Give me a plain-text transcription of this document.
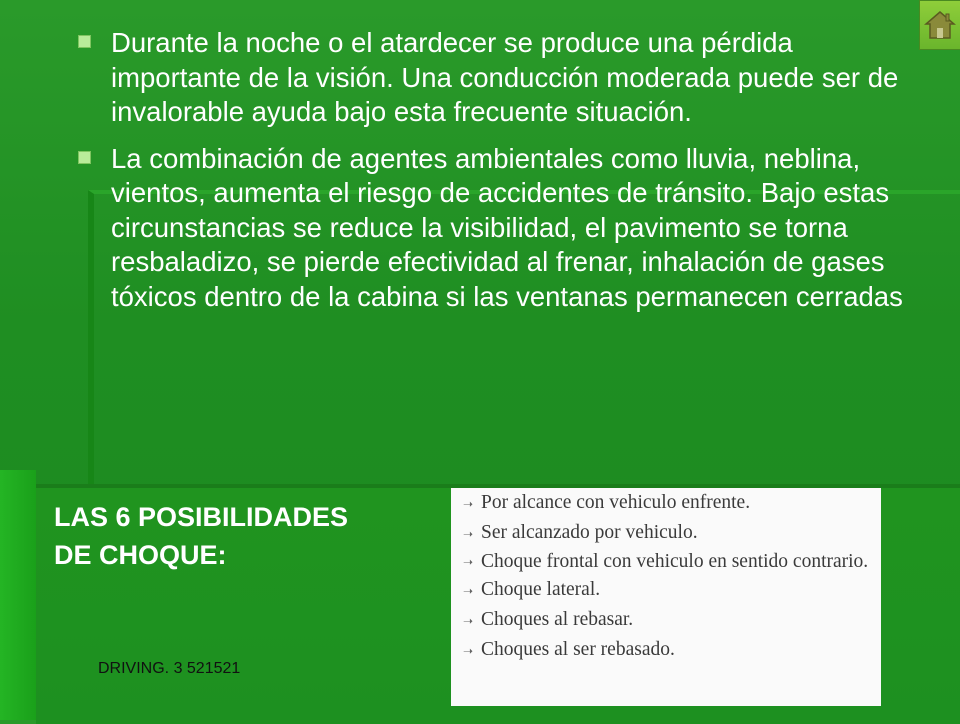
Durante la noche o el atardecer se produce una pérdida importante de la visión. Una conducción moderada puede ser de invalorable ayuda bajo esta frecuente situación.
La combinación de agentes ambientales como lluvia, neblina, vientos, aumenta el riesgo de accidentes de tránsito. Bajo estas circunstancias se reduce la visibilidad, el pavimento se torna resbaladizo, se pierde efectividad al frenar, inhalación de gases tóxicos dentro de la cabina si las ventanas permanecen cerradas
LAS 6 POSIBILIDADES
DE CHOQUE:
➝ Por alcance con vehiculo enfrente.
➝ Ser alcanzado por vehiculo.
➝ Choque frontal con vehiculo en sentido contrario.
➝ Choque lateral.
➝ Choques al rebasar.
➝ Choques al ser rebasado.
DRIVING. 3 521521
